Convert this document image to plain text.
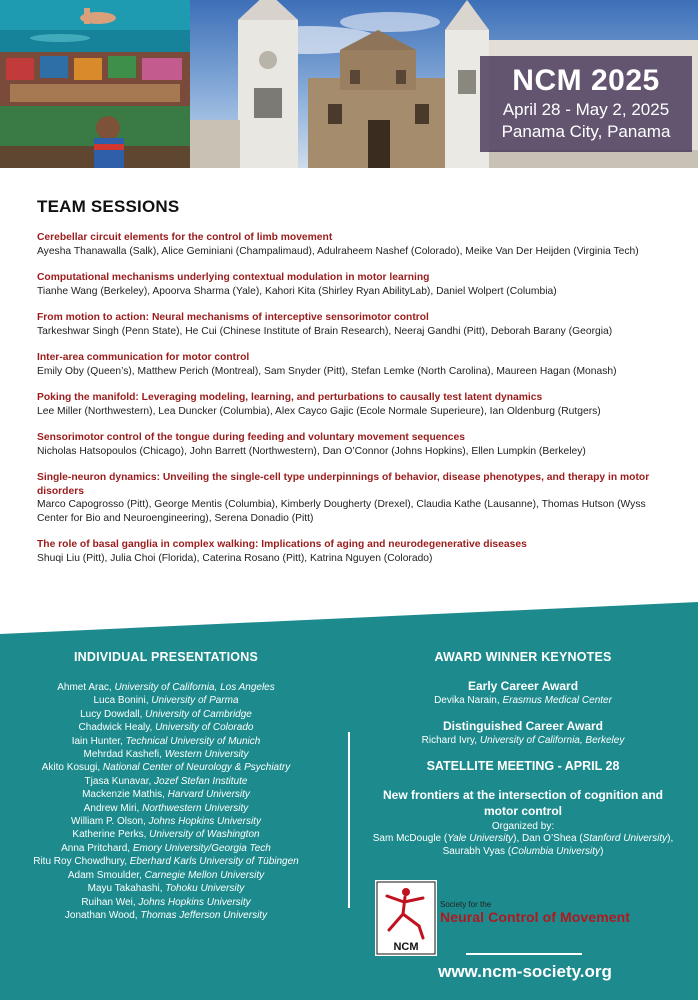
NCM 2025
April 28 - May 2, 2025
Panama City, Panama
TEAM SESSIONS
Cerebellar circuit elements for the control of limb movement
Ayesha Thanawalla (Salk), Alice Geminiani (Champalimaud), Adulraheem Nashef (Colorado), Meike Van Der Heijden (Virginia Tech)
Computational mechanisms underlying contextual modulation in motor learning
Tianhe Wang (Berkeley), Apoorva Sharma (Yale), Kahori Kita (Shirley Ryan AbilityLab), Daniel Wolpert (Columbia)
From motion to action: Neural mechanisms of interceptive sensorimotor control
Tarkeshwar Singh (Penn State), He Cui (Chinese Institute of Brain Research), Neeraj Gandhi (Pitt), Deborah Barany (Georgia)
Inter-area communication for motor control
Emily Oby (Queen’s), Matthew Perich (Montreal), Sam Snyder (Pitt), Stefan Lemke (North Carolina), Maureen Hagan (Monash)
Poking the manifold: Leveraging modeling, learning, and perturbations to causally test latent dynamics
Lee Miller (Northwestern), Lea Duncker (Columbia), Alex Cayco Gajic (Ecole Normale Superieure), Ian Oldenburg (Rutgers)
Sensorimotor control of the tongue during feeding and voluntary movement sequences
Nicholas Hatsopoulos (Chicago), John Barrett (Northwestern), Dan O’Connor (Johns Hopkins), Ellen Lumpkin (Berkeley)
Single-neuron dynamics: Unveiling the single-cell type underpinnings of behavior, disease phenotypes, and therapy in motor disorders
Marco Capogrosso (Pitt), George Mentis (Columbia), Kimberly Dougherty (Drexel), Claudia Kathe (Lausanne), Thomas Hutson (Wyss Center for Bio and Neuroengineering), Serena Donadio (Pitt)
The role of basal ganglia in complex walking: Implications of aging and neurodegenerative diseases
Shuqi Liu (Pitt), Julia Choi (Florida), Caterina Rosano (Pitt), Katrina Nguyen (Colorado)
INDIVIDUAL PRESENTATIONS
Ahmet Arac, University of California, Los Angeles
Luca Bonini, University of Parma
Lucy Dowdall, University of Cambridge
Chadwick Healy, University of Colorado
Iain Hunter, Technical University of Munich
Mehrdad Kashefi, Western University
Akito Kosugi, National Center of Neurology & Psychiatry
Tjasa Kunavar, Jozef Stefan Institute
Mackenzie Mathis, Harvard University
Andrew Miri, Northwestern University
William P. Olson, Johns Hopkins University
Katherine Perks, University of Washington
Anna Pritchard, Emory University/Georgia Tech
Ritu Roy Chowdhury, Eberhard Karls University of Tübingen
Adam Smoulder, Carnegie Mellon University
Mayu Takahashi, Tohoku University
Ruihan Wei, Johns Hopkins University
Jonathan Wood, Thomas Jefferson University
AWARD WINNER KEYNOTES
Early Career Award
Devika Narain, Erasmus Medical Center
Distinguished Career Award
Richard Ivry, University of California, Berkeley
SATELLITE MEETING - APRIL 28
New frontiers at the intersection of cognition and motor control
Organized by:
Sam McDougle (Yale University), Dan O’Shea (Stanford University),
Saurabh Vyas (Columbia University)
NCM
Society for the
Neural Control of Movement
www.ncm-society.org
